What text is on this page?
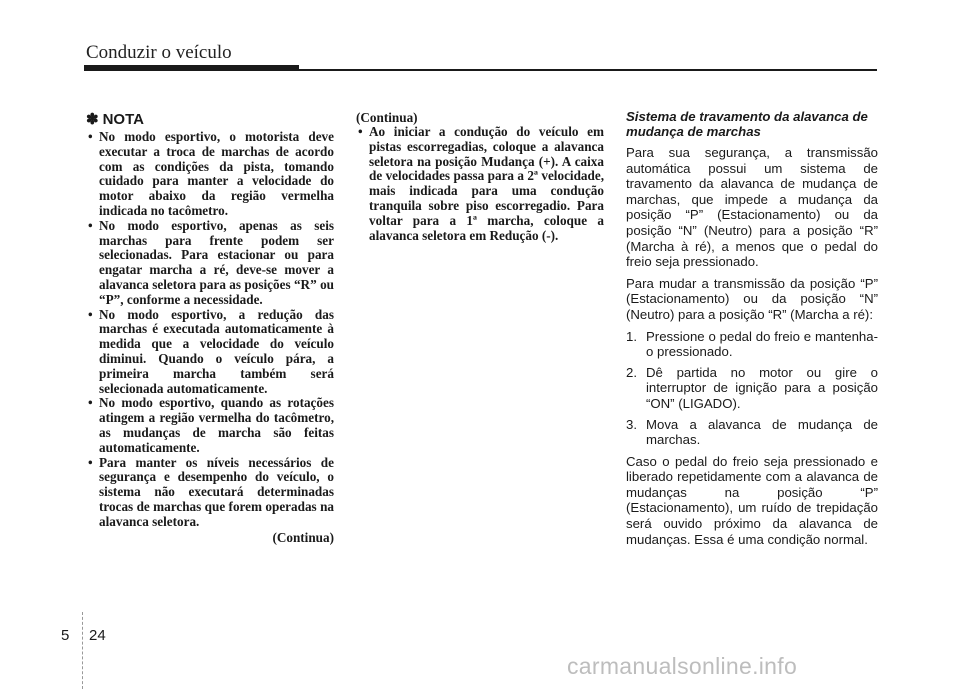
Conduzir o veículo
✽ NOTA
• No modo esportivo, o motorista deve executar a troca de marchas de acordo com as condições da pista, tomando cuidado para manter a velocidade do motor abaixo da região vermelha indicada no tacômetro.
• No modo esportivo, apenas as seis marchas para frente podem ser selecionadas. Para estacionar ou para engatar marcha a ré, deve-se mover a alavanca seletora para as posições “R” ou “P”, conforme a necessidade.
• No modo esportivo, a redução das marchas é executada automaticamente à medida que a velocidade do veículo diminui. Quando o veículo pára, a primeira marcha também será selecionada automaticamente.
• No modo esportivo, quando as rotações atingem a região vermelha do tacômetro, as mudanças de marcha são feitas automaticamente.
• Para manter os níveis necessários de segurança e desempenho do veículo, o sistema não executará determinadas trocas de marchas que forem operadas na alavanca seletora.
(Continua)
(Continua)
• Ao iniciar a condução do veículo em pistas escorregadias, coloque a alavanca seletora na posição Mudança (+). A caixa de velocidades passa para a 2ª velocidade, mais indicada para uma condução tranquila sobre piso escorregadio. Para voltar para a 1ª marcha, coloque a alavanca seletora em Redução (-).
Sistema de travamento da alavanca de mudança de marchas

Para sua segurança, a transmissão automática possui um sistema de travamento da alavanca de mudança de marchas, que impede a mudança da posição “P” (Estacionamento) ou da posição “N” (Neutro) para a posição “R” (Marcha à ré), a menos que o pedal do freio seja pressionado.

Para mudar a transmissão da posição “P” (Estacionamento) ou da posição “N” (Neutro) para a posição “R” (Marcha a ré):

1. Pressione o pedal do freio e mantenha-o pressionado.
2. Dê partida no motor ou gire o interruptor de ignição para a posição “ON” (LIGADO).
3. Mova a alavanca de mudança de marchas.

Caso o pedal do freio seja pressionado e liberado repetidamente com a alavanca de mudanças na posição “P” (Estacionamento), um ruído de trepidação será ouvido próximo da alavanca de mudanças. Essa é uma condição normal.

5 24
carmanualsonline.info
